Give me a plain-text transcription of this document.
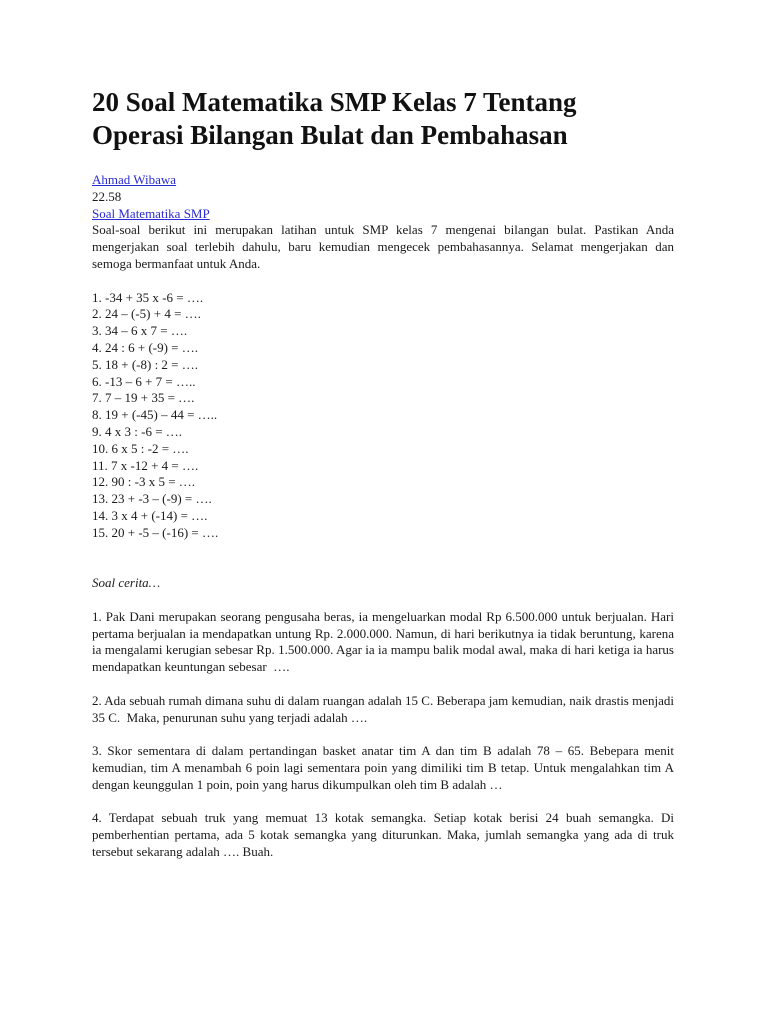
20 Soal Matematika SMP Kelas 7 Tentang Operasi Bilangan Bulat dan Pembahasan
Ahmad Wibawa
22.58
Soal Matematika SMP
Soal-soal berikut ini merupakan latihan untuk SMP kelas 7 mengenai bilangan bulat. Pastikan Anda mengerjakan soal terlebih dahulu, baru kemudian mengecek pembahasannya. Selamat mengerjakan dan semoga bermanfaat untuk Anda.
1. -34 + 35 x -6 = ….
2. 24 – (-5) + 4 = ….
3. 34 – 6 x 7 = ….
4. 24 : 6 + (-9) = ….
5. 18 + (-8) : 2 = ….
6. -13 – 6 + 7 = …..
7. 7 – 19 + 35 = ….
8. 19 + (-45) – 44 = …..
9. 4 x 3 : -6 = ….
10. 6 x 5 : -2 = ….
11. 7 x -12 + 4 = ….
12. 90 : -3 x 5 = ….
13. 23 + -3 – (-9) = ….
14. 3 x 4 + (-14) = ….
15. 20 + -5 – (-16) = ….
Soal cerita…
1. Pak Dani merupakan seorang pengusaha beras, ia mengeluarkan modal Rp 6.500.000 untuk berjualan. Hari pertama berjualan ia mendapatkan untung Rp. 2.000.000. Namun, di hari berikutnya ia tidak beruntung, karena ia mengalami kerugian sebesar Rp. 1.500.000. Agar ia ia mampu balik modal awal, maka di hari ketiga ia harus mendapatkan keuntungan sebesar  ….
2. Ada sebuah rumah dimana suhu di dalam ruangan adalah 15 C. Beberapa jam kemudian, naik drastis menjadi 35 C.  Maka, penurunan suhu yang terjadi adalah ….
3. Skor sementara di dalam pertandingan basket anatar tim A dan tim B adalah 78 – 65. Bebepara menit kemudian, tim A menambah 6 poin lagi sementara poin yang dimiliki tim B tetap. Untuk mengalahkan tim A dengan keunggulan 1 poin, poin yang harus dikumpulkan oleh tim B adalah …
4. Terdapat sebuah truk yang memuat 13 kotak semangka. Setiap kotak berisi 24 buah semangka. Di pemberhentian pertama, ada 5 kotak semangka yang diturunkan. Maka, jumlah semangka yang ada di truk tersebut sekarang adalah …. Buah.
